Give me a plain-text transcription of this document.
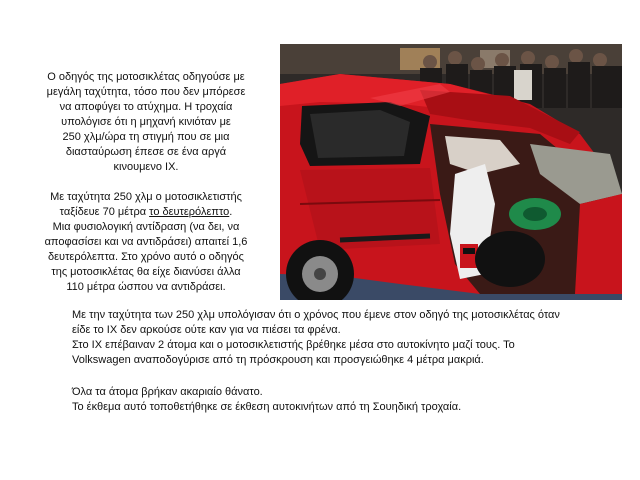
Ο οδηγός της μοτοσικλέτας οδηγούσε με
μεγάλη ταχύτητα, τόσο που δεν μπόρεσε
να αποφύγει το ατύχημα. Η τροχαία
υπολόγισε ότι η μηχανή κινιόταν με
250 χλμ/ώρα τη στιγμή που σε μια
διασταύρωση έπεσε σε ένα αργά
κινουμενο ΙΧ.

Με ταχύτητα 250 χλμ ο μοτοσικλετιστής
ταξίδευε 70 μέτρα το δευτερόλεπτο.
Μια φυσιολογική αντίδραση (να δει, να
αποφασίσει και να αντιδράσει) απαιτεί 1,6
δευτερόλεπτα. Στο χρόνο αυτό ο οδηγός
της μοτοσικλέτας θα είχε διανύσει άλλα
110 μέτρα ώσπου να αντιδράσει.

Με την ταχύτητα των 250 χλμ υπολόγισαν ότι ο χρόνος που έμενε στον οδηγό της μοτοσικλέτας όταν
είδε το ΙΧ δεν αρκούσε ούτε καν για να πιέσει τα φρένα.
Στο ΙΧ επέβαιναν 2 άτομα και ο μοτοσικλετιστής βρέθηκε μέσα στο αυτοκίνητο μαζί τους. Το
Volkswagen αναποδογύρισε από τη πρόσκρουση και προσγειώθηκε 4 μέτρα μακριά.

Όλα τα άτομα βρήκαν ακαριαίο θάνατο.
Το έκθεμα αυτό τοποθετήθηκε σε έκθεση αυτοκινήτων από τη Σουηδική τροχαία.
